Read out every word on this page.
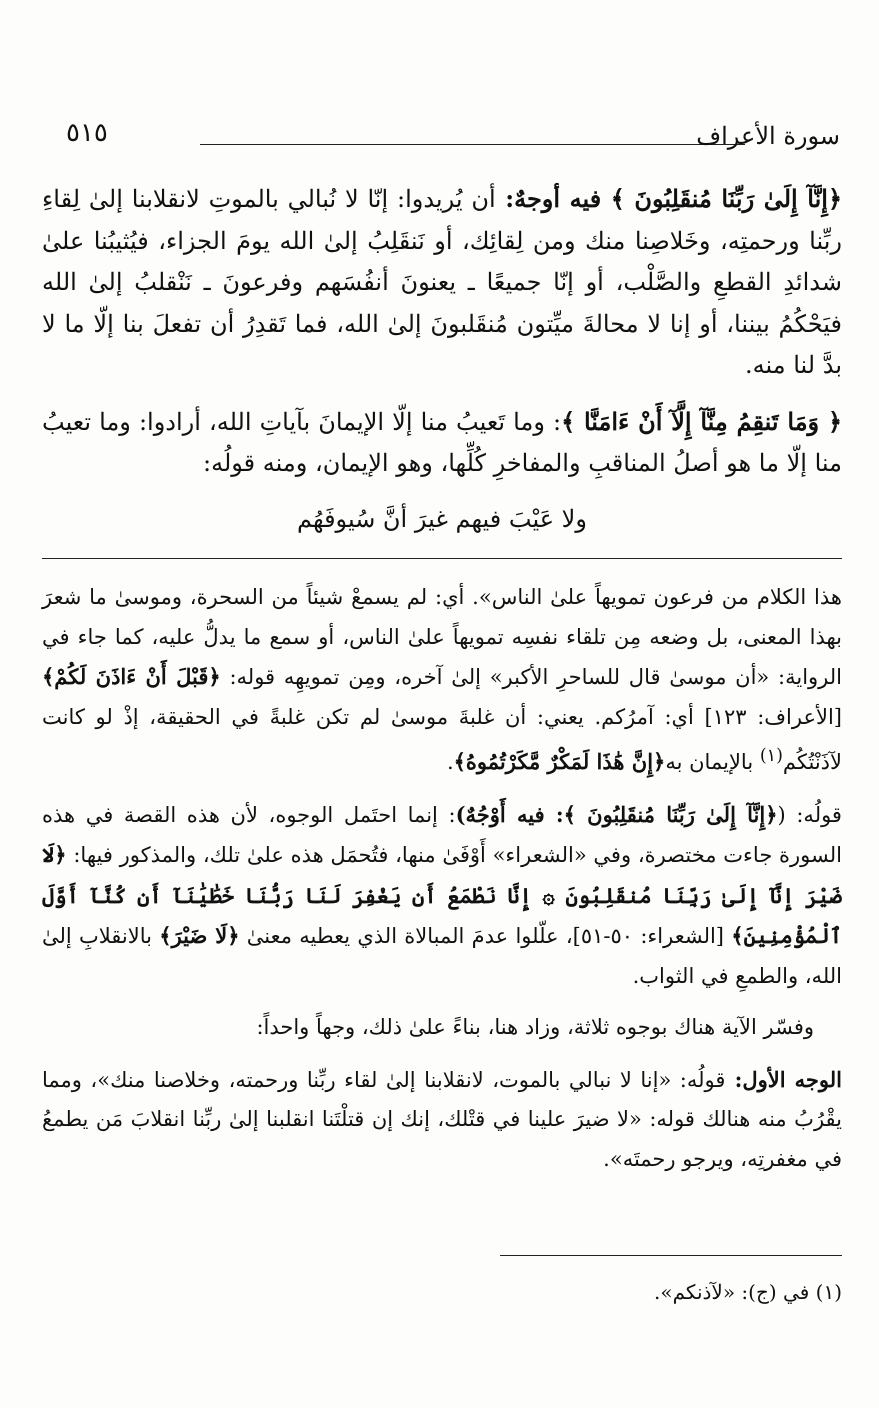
٥١٥	سورة الأعراف

﴿إِنَّآ إِلَىٰ رَبِّنَا مُنقَلِبُونَ ﴾ فيه أوجهٌ: أن يُريدوا: إنّا لا نُبالي بالموتِ لانقلابنا إلىٰ لِقاءِ ربِّنا ورحمتِه، وخَلاصِنا منك ومن لِقائِك، أو نَنقَلِبُ إلىٰ الله يومَ الجزاء، فيُثيبُنا علىٰ شدائدِ القطعِ والصَّلْب، أو إنّا جميعًا ـ يعنونَ أنفُسَهم وفرعونَ ـ نَنْقلبُ إلىٰ الله فيَحْكُمُ بيننا، أو إنا لا محالةَ ميِّتون مُنقَلبونَ إلىٰ الله، فما تَقدِرُ أن تفعلَ بنا إلّا ما لا بدَّ لنا منه.

﴿ وَمَا تَنقِمُ مِنَّآ إِلَّآ أَنْ ءَامَنَّا ﴾: وما تَعيبُ منا إلّا الإيمانَ بآياتِ الله، أرادوا: وما تعيبُ منا إلّا ما هو أصلُ المناقبِ والمفاخرِ كُلِّها، وهو الإيمان، ومنه قولُه:

ولا عَيْبَ فيهم غيرَ أنَّ سُيوفَهُم

هذا الكلام من فرعون تمويهاً علىٰ الناس». أي: لم يسمعْ شيئاً من السحرة، وموسىٰ ما شعرَ بهذا المعنى، بل وضعه مِن تلقاء نفسِه تمويهاً علىٰ الناس، أو سمع ما يدلُّ عليه، كما جاء في الرواية: «أن موسىٰ قال للساحرِ الأكبر» إلىٰ آخره، ومِن تمويهِه قوله: ﴿قَبْلَ أَنْ ءَاذَنَ لَكُمْ﴾ [الأعراف: ١٢٣] أي: آمرُكم. يعني: أن غلبةَ موسىٰ لم تكن غلبةً في الحقيقة، إذْ لو كانت لآذَنْتُكُم$^{(١)}$ بالإيمان به﴿إِنَّ هَٰذَا لَمَكْرٌ مَّكَرْتُمُوهُ﴾.

قولُه: (﴿إِنَّآ إِلَىٰ رَبِّنَا مُنقَلِبُونَ ﴾: فيه أَوْجُهٌ): إنما احتَمل الوجوه، لأن هذه القصة في هذه السورة جاءت مختصرة، وفي «الشعراء» أَوْفَىٰ منها، فتُحمَل هذه علىٰ تلك، والمذكور فيها: ﴿لَا ضَيْرَ إِنَّآ إِلَىٰ رَبِّنَا مُنقَلِبُونَ ۞ إِنَّا نَطْمَعُ أَن يَغْفِرَ لَنَا رَبُّنَا خَطَٰيَٰنَآ أَن كُنَّآ أَوَّلَ ٱلْمُؤْمِنِينَ﴾ [الشعراء: ٥٠-٥١]، علّلوا عدمَ المبالاة الذي يعطيه معنىٰ ﴿لَا ضَيْرَ﴾ بالانقلابِ إلىٰ الله، والطمعِ في الثواب.

وفسّر الآية هناك بوجوه ثلاثة، وزاد هنا، بناءً علىٰ ذلك، وجهاً واحداً:

الوجه الأول: قولُه: «إنا لا نبالي بالموت، لانقلابنا إلىٰ لقاء ربِّنا ورحمته، وخلاصنا منك»، ومما يقْرُبُ منه هنالك قوله: «لا ضيرَ علينا في قتْلك، إنك إن قتلْتَنا انقلبنا إلىٰ ربِّنا انقلابَ مَن يطمعُ في مغفرتِه، ويرجو رحمتَه».

(١) في (ج): «لآذنكم».
